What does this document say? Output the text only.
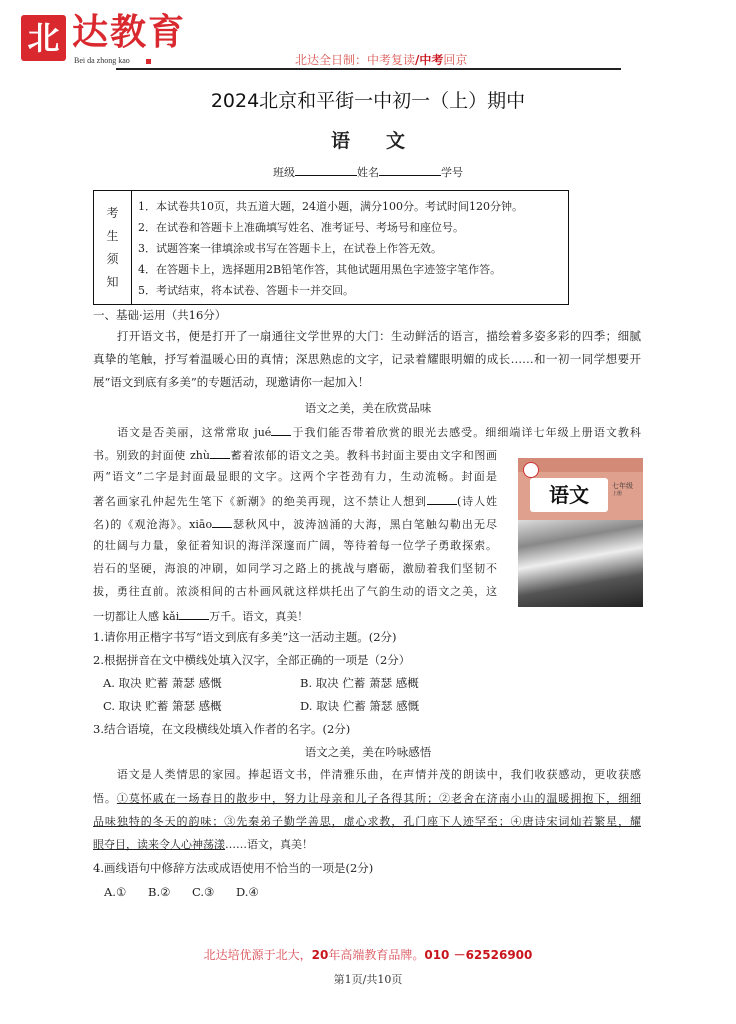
北 达教育
Bei da zhong kao	北达全日制：中考复读/中考回京
2024北京和平街一中初一（上）期中
语文
班级	姓名	学号
考
生
须
知
1．本试卷共10页，共五道大题，24道小题，满分100分。考试时间120分钟。
2．在试卷和答题卡上准确填写姓名、准考证号、考场号和座位号。
3．试题答案一律填涂或书写在答题卡上，在试卷上作答无效。
4．在答题卡上，选择题用2B铅笔作答，其他试题用黑色字迹签字笔作答。
5．考试结束，将本试卷、答题卡一并交回。
一、基础·运用（共16分）
　　打开语文书，便是打开了一扇通往文学世界的大门：生动鲜活的语言，描绘着多姿多彩的四季；细腻
真挚的笔触，抒写着温暖心田的真情；深思熟虑的文字，记录着耀眼明媚的成长……和一初一同学想要开
展“语文到底有多美”的专题活动，现邀请你一起加入！
语文之美，美在欣赏品味
　　语文是否美丽，这常常取 jué 于我们能否带着欣赏的眼光去感受。细细端详七年级上册语文教科
书。别致的封面使 zhù 蓄着浓郁的语文之美。教科书封面主要由文字和图画
两“语文”二字是封面最显眼的文字。这两个字苍劲有力，生动流畅。封面是
著名画家孔仲起先生笔下《新潮》的绝美再现，这不禁让人想到	(诗人姓
名)的《观沧海》。xiāo 瑟秋风中，波涛汹涌的大海，黑白笔触勾勒出无尽
的壮阔与力量，象征着知识的海洋深邃而广阔，等待着每一位学子勇敢探索。
岩石的坚硬，海浪的冲刷，如同学习之路上的挑战与磨砺，激励着我们坚韧不
拔，勇往直前。浓淡相间的古朴画风就这样烘托出了气韵生动的语文之美，这
一切都让人感 kǎi	万千。语文，真美！
语文	七年级
上册
1.请你用正楷字书写“语文到底有多美”这一活动主题。(2分)
2.根据拼音在文中横线处填入汉字，全部正确的一项是（2分）
A. 取决 贮蓄 萧瑟 感慨	B. 取决 伫蓄 萧瑟 感概
C. 取诀 贮蓄 箫瑟 感概	D. 取诀 伫蓄 箫瑟 感慨
3.结合语境，在文段横线处填入作者的名字。(2分)
语文之美，美在吟咏感悟
　　语文是人类情思的家园。捧起语文书，伴清雅乐曲，在声情并茂的朗读中，我们收获感动，更收获感
悟。①莫怀戚在一场春日的散步中，努力让母亲和儿子各得其所；②老舍在济南小山的温暖拥抱下，细细
品味独特的冬天的韵味；③先秦弟子勤学善思，虚心求教，孔门座下人迹罕至；④唐诗宋词灿若繁星，耀
眼夺目，读来令人心神荡漾……语文，真美！
4.画线语句中修辞方法或成语使用不恰当的一项是(2分)
A.① B.② C.③ D.④
北达培优源于北大，20年高端教育品牌。010 －62526900
第1页/共10页
